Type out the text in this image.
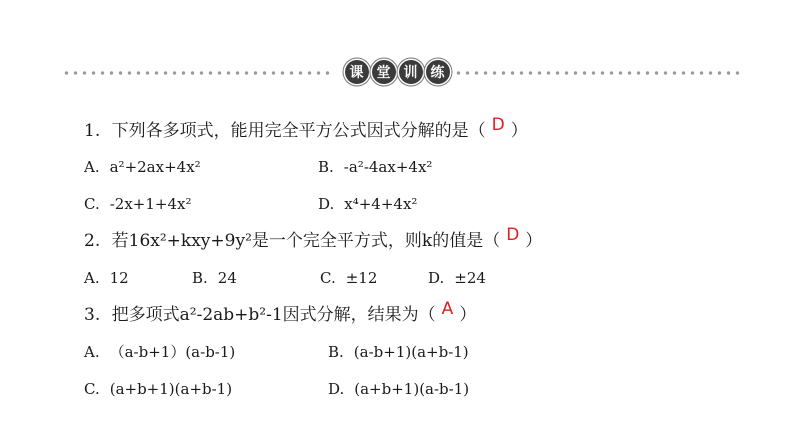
课 堂 训 练
1. 下列各多项式，能用完全平方公式因式分解的是（ D ）
A. a²+2ax+4x²	B. -a²-4ax+4x²
C. -2x+1+4x²	D. x⁴+4+4x²
2. 若16x²+kxy+9y²是一个完全平方式，则k的值是（ D ）
A. 12	B. 24	C. ±12	D. ±24
3. 把多项式a²-2ab+b²-1因式分解，结果为（ A ）
A. （a-b+1）(a-b-1)	B. (a-b+1)(a+b-1)
C. (a+b+1)(a+b-1)	D. (a+b+1)(a-b-1)
